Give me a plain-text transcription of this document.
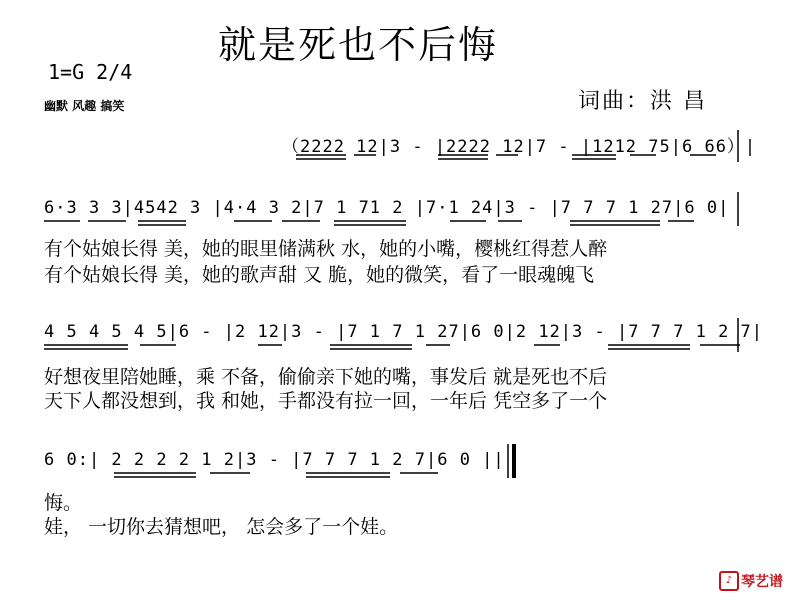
就是死也不后悔
1=G 2/4
幽默 风趣 搞笑	词曲：洪 昌
（2222 12|3 - |2222 12|7 - |1212 75|6 66）|
6·3 3 3|4542 3 |4·4 3 2|7 1 71 2 |7·1 24|3 - |7 7 7 1 27|6 0|
有个姑娘长得 美，她的眼里储满秋 水，她的小嘴，樱桃红得惹人醉
有个姑娘长得 美，她的歌声甜 又 脆，她的微笑，看了一眼魂魄飞
4 5 4 5 4 5|6 - |2 12|3 - |7 1 7 1 27|6 0|2 12|3 - |7 7 7 1 2 7|
好想夜里陪她睡，乘 不备，偷偷亲下她的嘴，事发后 就是死也不后
天下人都没想到，我 和她，手都没有拉一回，一年后 凭空多了一个
6 0:| 2 2 2 2 1 2|3 - |7 7 7 1 2 7|6 0 ||
悔。
娃， 一切你去猜想吧， 怎会多了一个娃。
♪ 琴艺谱
